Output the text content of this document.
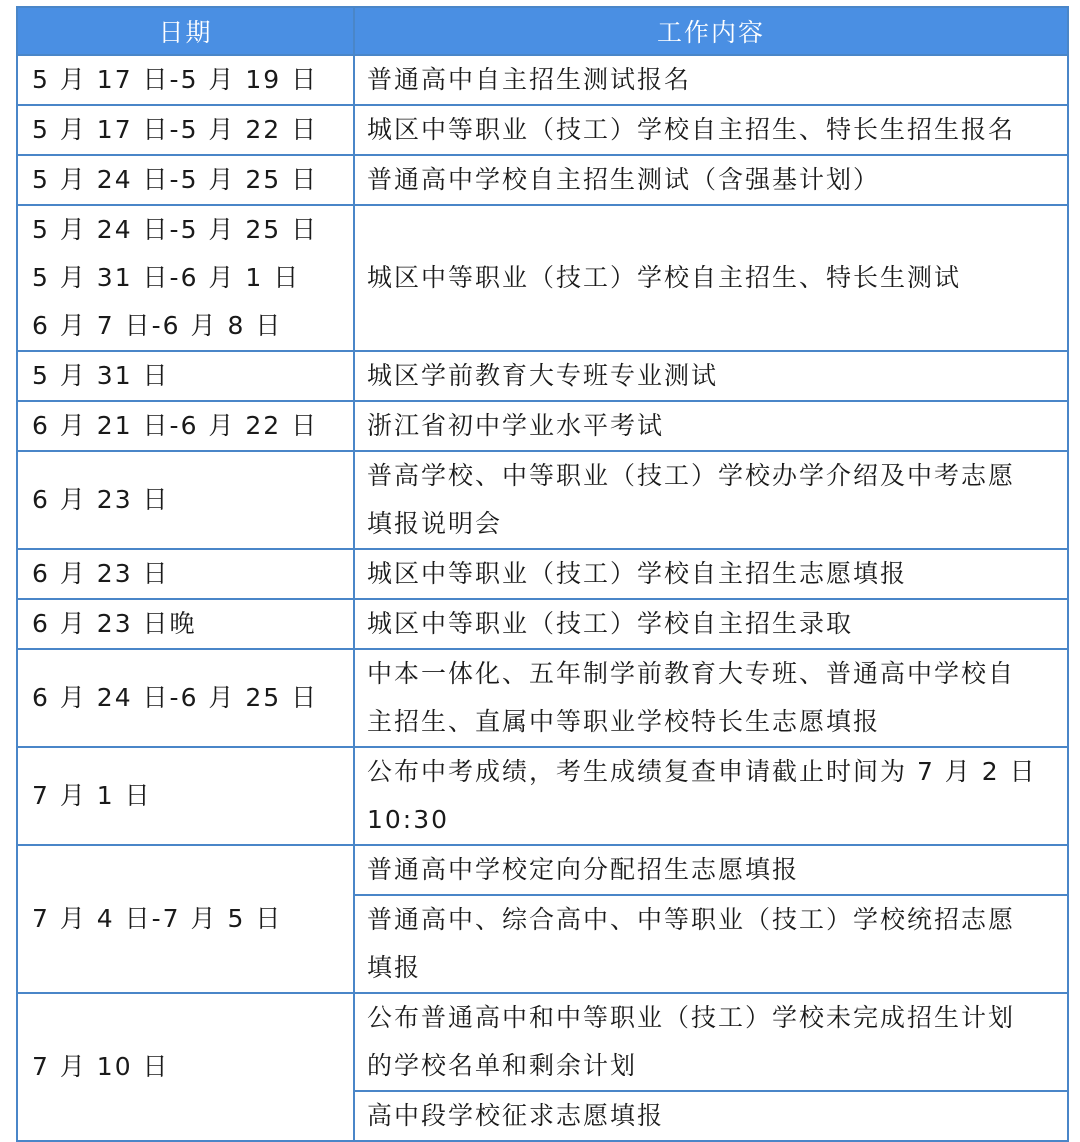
日期	工作内容

5 月 17 日-5 月 19 日	普通高中自主招生测试报名

5 月 17 日-5 月 22 日	城区中等职业（技工）学校自主招生、特长生招生报名

5 月 24 日-5 月 25 日	普通高中学校自主招生测试（含强基计划）

5 月 24 日-5 月 25 日
5 月 31 日-6 月 1 日
6 月 7 日-6 月 8 日	城区中等职业（技工）学校自主招生、特长生测试

5 月 31 日	城区学前教育大专班专业测试

6 月 21 日-6 月 22 日	浙江省初中学业水平考试

6 月 23 日	普高学校、中等职业（技工）学校办学介绍及中考志愿
填报说明会

6 月 23 日	城区中等职业（技工）学校自主招生志愿填报

6 月 23 日晚	城区中等职业（技工）学校自主招生录取

6 月 24 日-6 月 25 日	中本一体化、五年制学前教育大专班、普通高中学校自
主招生、直属中等职业学校特长生志愿填报

7 月 1 日	公布中考成绩，考生成绩复查申请截止时间为 7 月 2 日
10:30

7 月 4 日-7 月 5 日	普通高中学校定向分配招生志愿填报

	普通高中、综合高中、中等职业（技工）学校统招志愿
填报

7 月 10 日	公布普通高中和中等职业（技工）学校未完成招生计划
的学校名单和剩余计划

	高中段学校征求志愿填报
